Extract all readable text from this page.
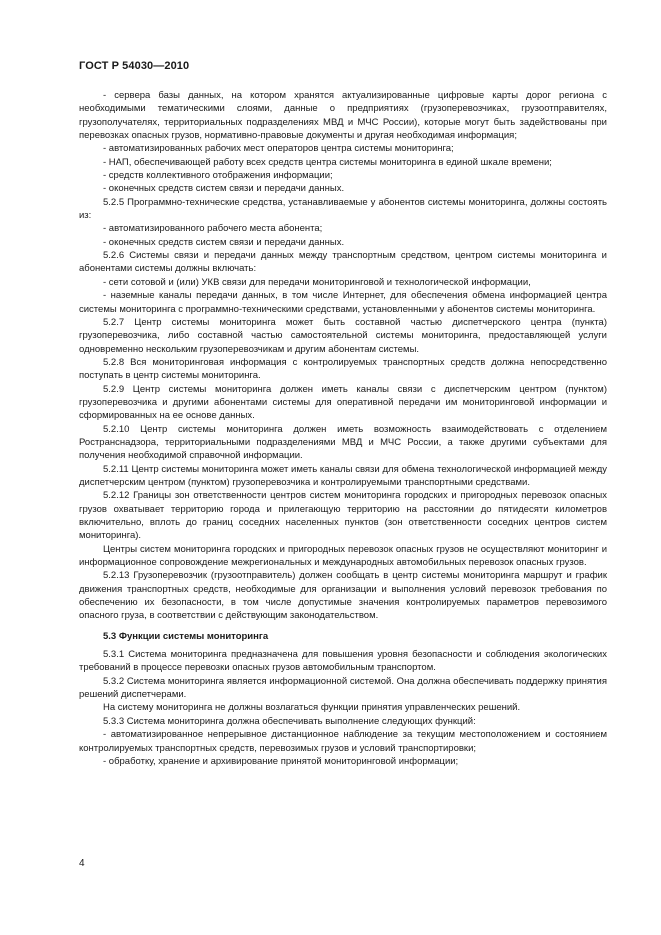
ГОСТ Р 54030—2010

- сервера базы данных, на котором хранятся актуализированные цифровые карты дорог региона с необходимыми тематическими слоями, данные о предприятиях (грузоперевозчиках, грузоотправителях, грузополучателях, территориальных подразделениях МВД и МЧС России), которые могут быть задействованы при перевозках опасных грузов, нормативно-правовые документы и другая необходимая информация;

- автоматизированных рабочих мест операторов центра системы мониторинга;

- НАП, обеспечивающей работу всех средств центра системы мониторинга в единой шкале времени;

- средств коллективного отображения информации;

- оконечных средств систем связи и передачи данных.

5.2.5 Программно-технические средства, устанавливаемые у абонентов системы мониторинга, должны состоять из:

- автоматизированного рабочего места абонента;

- оконечных средств систем связи и передачи данных.

5.2.6 Системы связи и передачи данных между транспортным средством, центром системы мониторинга и абонентами системы должны включать:

- сети сотовой и (или) УКВ связи для передачи мониторинговой и технологической информации,

- наземные каналы передачи данных, в том числе Интернет, для обеспечения обмена информацией центра системы мониторинга с программно-техническими средствами, установленными у абонентов системы мониторинга.

5.2.7 Центр системы мониторинга может быть составной частью диспетчерского центра (пункта) грузоперевозчика, либо составной частью самостоятельной системы мониторинга, предоставляющей услуги одновременно нескольким грузоперевозчикам и другим абонентам системы.

5.2.8 Вся мониторинговая информация с контролируемых транспортных средств должна непосредственно поступать в центр системы мониторинга.

5.2.9 Центр системы мониторинга должен иметь каналы связи с диспетчерским центром (пунктом) грузоперевозчика и другими абонентами системы для оперативной передачи им мониторинговой информации и сформированных на ее основе данных.

5.2.10 Центр системы мониторинга должен иметь возможность взаимодействовать с отделением Ространснадзора, территориальными подразделениями МВД и МЧС России, а также другими субъектами для получения необходимой справочной информации.

5.2.11 Центр системы мониторинга может иметь каналы связи для обмена технологической информацией между диспетчерским центром (пунктом) грузоперевозчика и контролируемыми транспортными средствами.

5.2.12 Границы зон ответственности центров систем мониторинга городских и пригородных перевозок опасных грузов охватывает территорию города и прилегающую территорию на расстоянии до пятидесяти километров включительно, вплоть до границ соседних населенных пунктов (зон ответственности соседних центров систем мониторинга).

Центры систем мониторинга городских и пригородных перевозок опасных грузов не осуществляют мониторинг и информационное сопровождение межрегиональных и международных автомобильных перевозок опасных грузов.

5.2.13 Грузоперевозчик (грузоотправитель) должен сообщать в центр системы мониторинга маршрут и график движения транспортных средств, необходимые для организации и выполнения условий перевозок требования по обеспечению их безопасности, в том числе допустимые значения контролируемых параметров перевозимого опасного груза, в соответствии с действующим законодательством.

5.3 Функции системы мониторинга

5.3.1 Система мониторинга предназначена для повышения уровня безопасности и соблюдения экологических требований в процессе перевозки опасных грузов автомобильным транспортом.

5.3.2 Система мониторинга является информационной системой. Она должна обеспечивать поддержку принятия решений диспетчерами.

На систему мониторинга не должны возлагаться функции принятия управленческих решений.

5.3.3 Система мониторинга должна обеспечивать выполнение следующих функций:

- автоматизированное непрерывное дистанционное наблюдение за текущим местоположением и состоянием контролируемых транспортных средств, перевозимых грузов и условий транспортировки;

- обработку, хранение и архивирование принятой мониторинговой информации;

4
